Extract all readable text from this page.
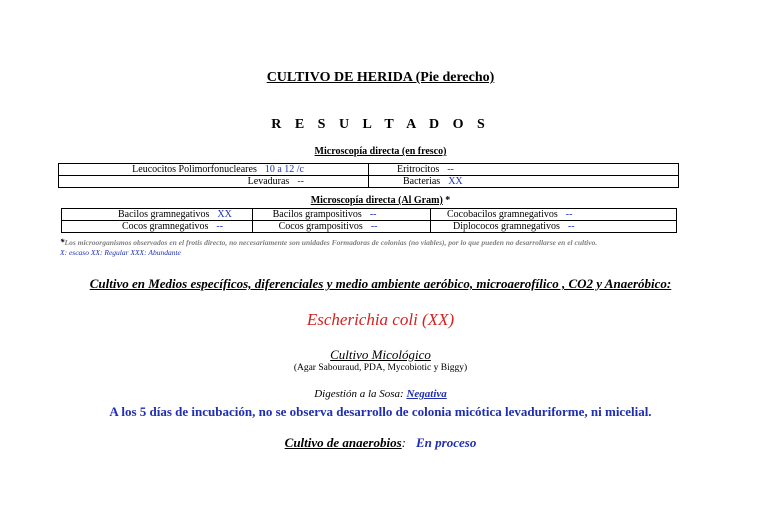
CULTIVO DE HERIDA (Pie derecho)
R E S U L T A D O S
Microscopía directa (en fresco)
Leucocitos Polimorfonucleares 10 a 12 /c	Eritrocitos --
Levaduras --	Bacterias XX
Microscopía directa (Al Gram) *
Bacilos gramnegativos XX	Bacilos grampositivos --	Cocobacilos gramnegativos --
Cocos gramnegativos --	Cocos grampositivos --	Diplococos gramnegativos --
*Los microorganismos observados en el frotis directo, no necesariamente son unidades Formadoras de colonias (no viables), por lo que pueden no desarrollarse en el cultivo.
X: escaso XX: Regular XXX: Abundante
Cultivo en Medios específicos, diferenciales y medio ambiente aeróbico, microaerofílico , CO2 y Anaeróbico:
Escherichia coli (XX)
Cultivo Micológico
(Agar Sabouraud, PDA, Mycobiotic y Biggy)
Digestión a la Sosa: Negativa
A los 5 días de incubación, no se observa desarrollo de colonia micótica levaduriforme, ni micelial.
Cultivo de anaerobios: En proceso
